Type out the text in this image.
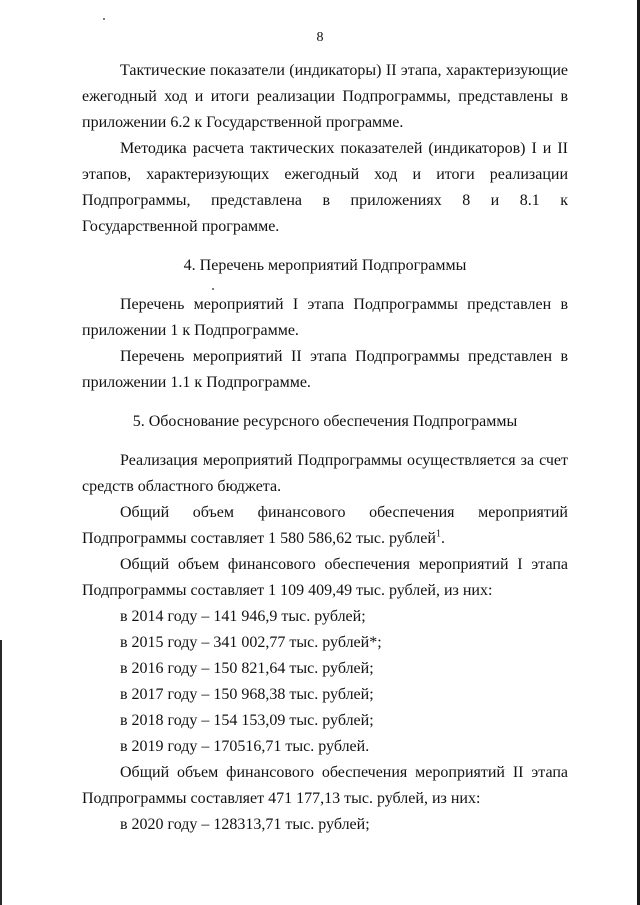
8

Тактические показатели (индикаторы) II этапа, характеризующие ежегодный ход и итоги реализации Подпрограммы, представлены в приложении 6.2 к Государственной программе.

Методика расчета тактических показателей (индикаторов) I и II этапов, характеризующих ежегодный ход и итоги реализации Подпрограммы, представлена в приложениях 8 и 8.1 к Государственной программе.

4. Перечень мероприятий Подпрограммы

Перечень мероприятий I этапа Подпрограммы представлен в приложении 1 к Подпрограмме.

Перечень мероприятий II этапа Подпрограммы представлен в приложении 1.1 к Подпрограмме.

5. Обоснование ресурсного обеспечения Подпрограммы

Реализация мероприятий Подпрограммы осуществляется за счет средств областного бюджета.

Общий объем финансового обеспечения мероприятий Подпрограммы составляет 1 580 586,62 тыс. рублей$^1$.

Общий объем финансового обеспечения мероприятий I этапа Подпрограммы составляет 1 109 409,49 тыс. рублей, из них:

в 2014 году – 141 946,9 тыс. рублей;

в 2015 году – 341 002,77 тыс. рублей*;

в 2016 году – 150 821,64 тыс. рублей;

в 2017 году – 150 968,38 тыс. рублей;

в 2018 году – 154 153,09 тыс. рублей;

в 2019 году – 170516,71 тыс. рублей.

Общий объем финансового обеспечения мероприятий II этапа Подпрограммы составляет 471 177,13 тыс. рублей, из них:

в 2020 году – 128313,71 тыс. рублей;
